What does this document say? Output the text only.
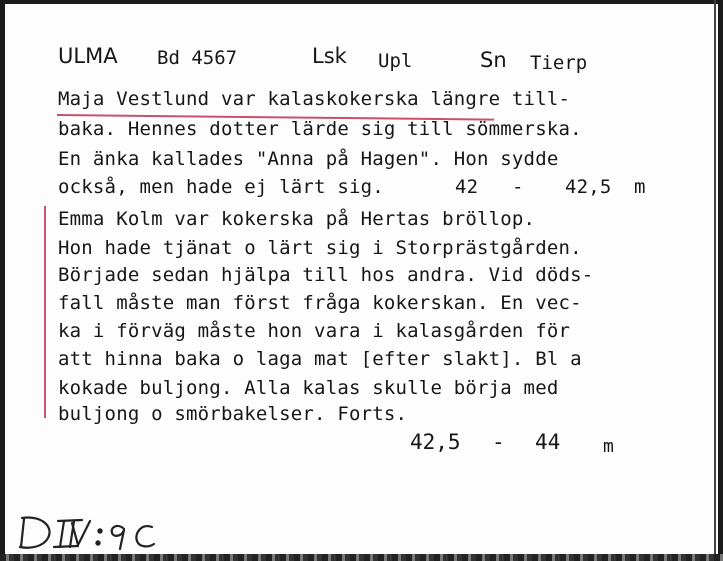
ULMA Bd 4567	Lsk Upl	Sn Tierp
Maja Vestlund var kalaskokerska längre till-
baka. Hennes dotter lärde sig till sömmerska.
En änka kallades "Anna på Hagen". Hon sydde
också, men hade ej lärt sig.	42 - 42,5 m
Emma Kolm var kokerska på Hertas bröllop.
Hon hade tjänat o lärt sig i Storprästgården.
Började sedan hjälpa till hos andra. Vid döds-
fall måste man först fråga kokerskan. En vec-
ka i förväg måste hon vara i kalasgården för
att hinna baka o laga mat [efter slakt]. Bl a
kokade buljong. Alla kalas skulle börja med
buljong o smörbakelser. Forts.
42,5 - 44 m
